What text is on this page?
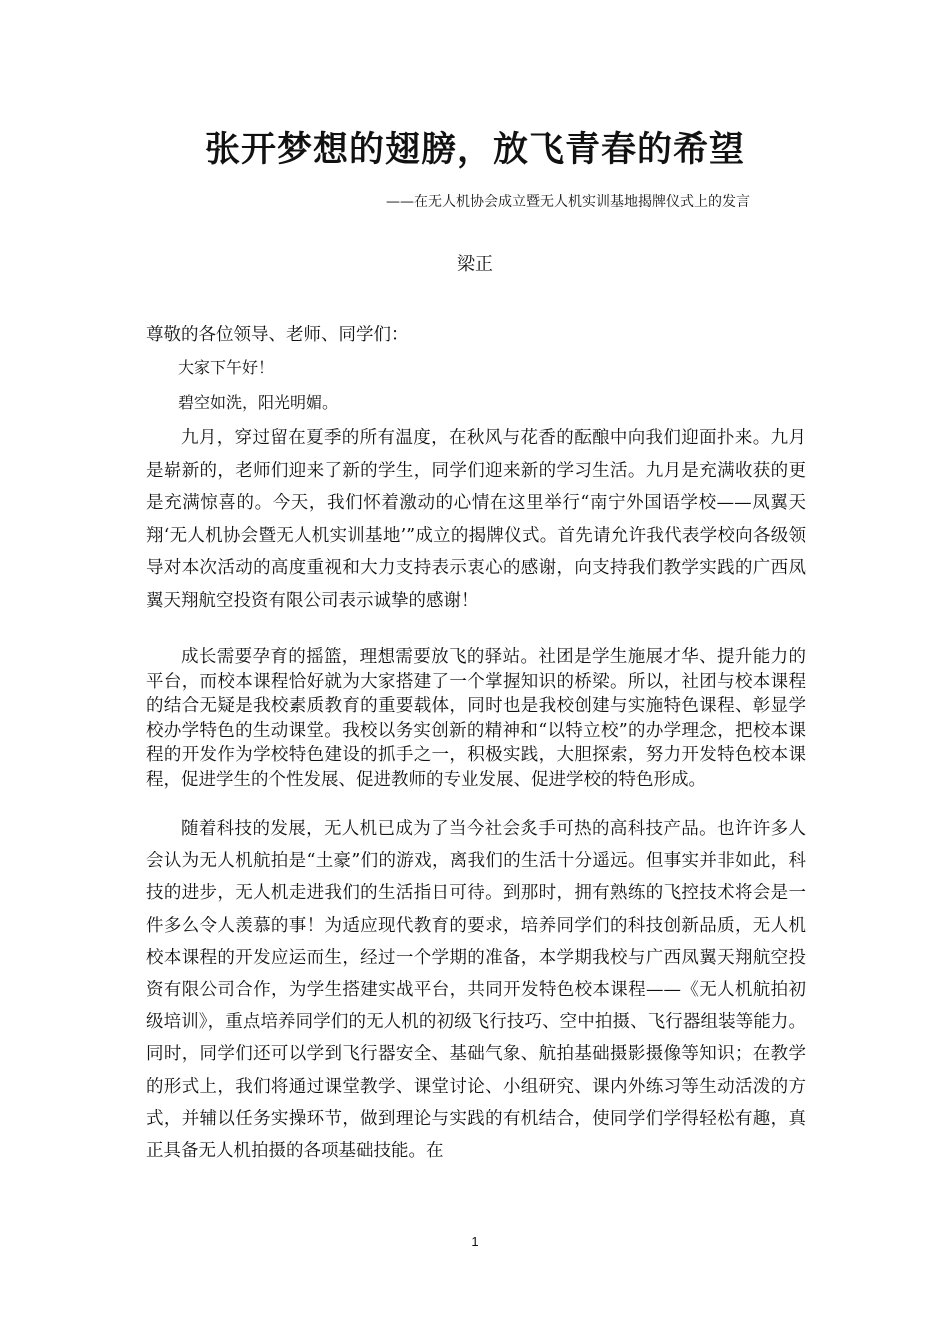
张开梦想的翅膀，放飞青春的希望
——在无人机协会成立暨无人机实训基地揭牌仪式上的发言
梁正
尊敬的各位领导、老师、同学们：

大家下午好！

碧空如洗，阳光明媚。

九月，穿过留在夏季的所有温度，在秋风与花香的酝酿中向我们迎面扑来。九月是崭新的，老师们迎来了新的学生，同学们迎来新的学习生活。九月是充满收获的更是充满惊喜的。今天，我们怀着激动的心情在这里举行“南宁外国语学校——凤翼天翔‘无人机协会暨无人机实训基地’”成立的揭牌仪式。首先请允许我代表学校向各级领导对本次活动的高度重视和大力支持表示衷心的感谢，向支持我们教学实践的广西凤翼天翔航空投资有限公司表示诚挚的感谢！

成长需要孕育的摇篮，理想需要放飞的驿站。社团是学生施展才华、提升能力的平台，而校本课程恰好就为大家搭建了一个掌握知识的桥梁。所以，社团与校本课程的结合无疑是我校素质教育的重要载体，同时也是我校创建与实施特色课程、彰显学校办学特色的生动课堂。我校以务实创新的精神和“以特立校”的办学理念，把校本课程的开发作为学校特色建设的抓手之一，积极实践，大胆探索，努力开发特色校本课程，促进学生的个性发展、促进教师的专业发展、促进学校的特色形成。

随着科技的发展，无人机已成为了当今社会炙手可热的高科技产品。也许许多人会认为无人机航拍是“土豪”们的游戏，离我们的生活十分遥远。但事实并非如此，科技的进步，无人机走进我们的生活指日可待。到那时，拥有熟练的飞控技术将会是一件多么令人羡慕的事！为适应现代教育的要求，培养同学们的科技创新品质，无人机校本课程的开发应运而生，经过一个学期的准备，本学期我校与广西凤翼天翔航空投资有限公司合作，为学生搭建实战平台，共同开发特色校本课程——《无人机航拍初级培训》，重点培养同学们的无人机的初级飞行技巧、空中拍摄、飞行器组装等能力。同时，同学们还可以学到飞行器安全、基础气象、航拍基础摄影摄像等知识；在教学的形式上，我们将通过课堂教学、课堂讨论、小组研究、课内外练习等生动活泼的方式，并辅以任务实操环节，做到理论与实践的有机结合，使同学们学得轻松有趣，真正具备无人机拍摄的各项基础技能。在

1
